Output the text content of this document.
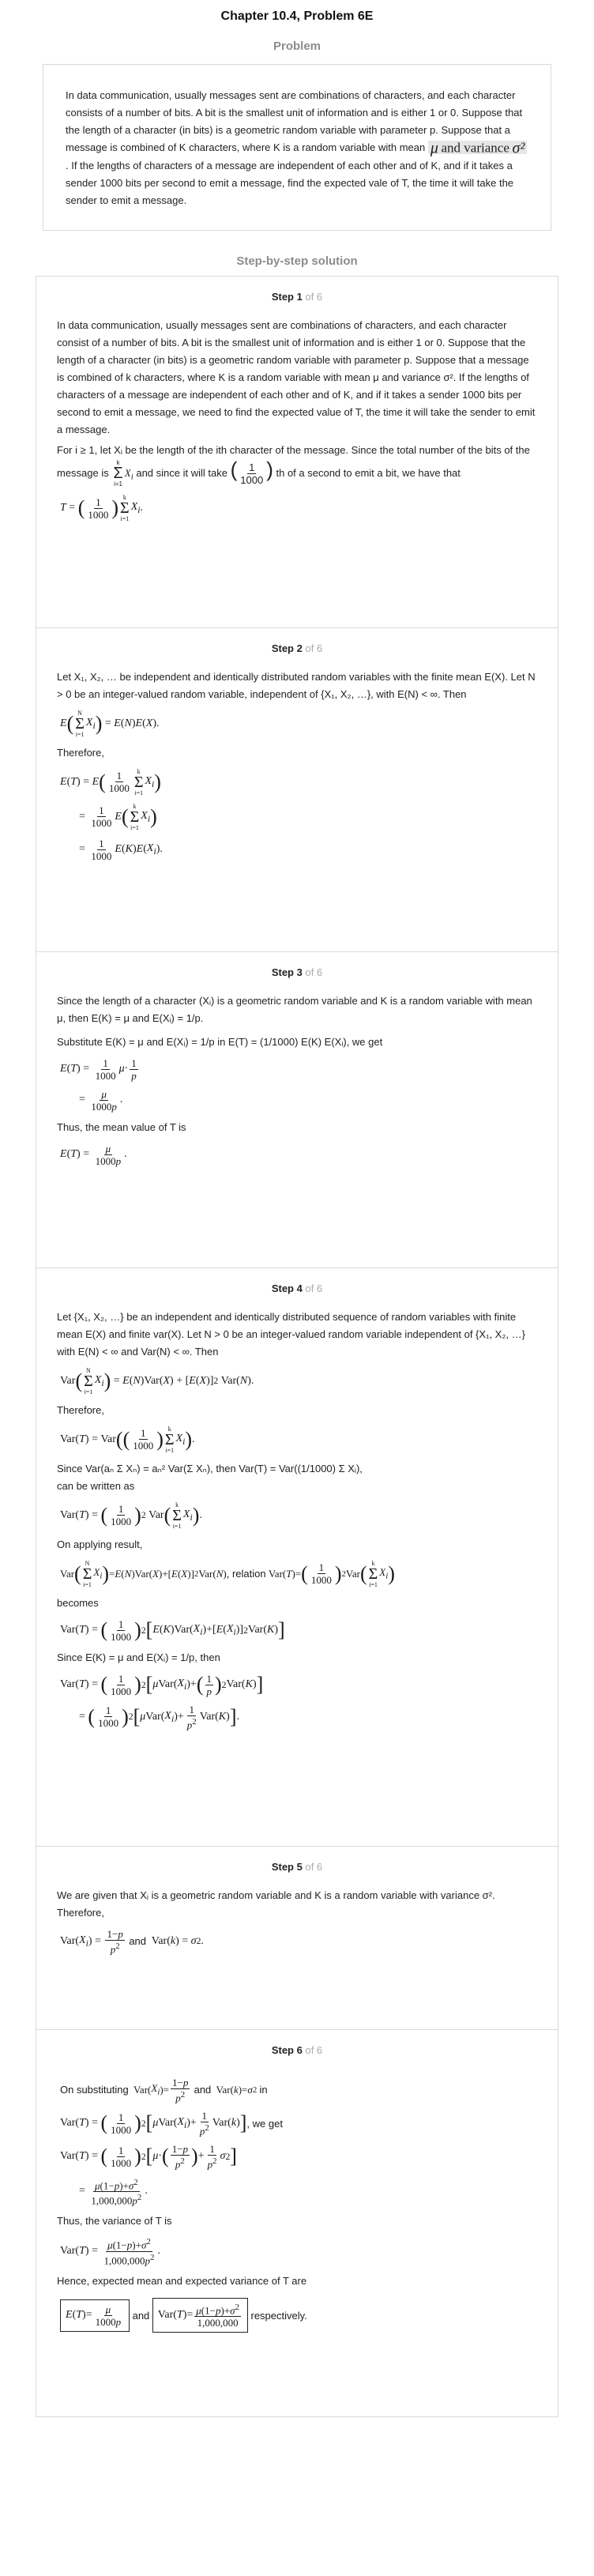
Chapter 10.4, Problem 6E
Problem
In data communication, usually messages sent are combinations of characters, and each character consists of a number of bits. A bit is the smallest unit of information and is either 1 or 0. Suppose that the length of a character (in bits) is a geometric random variable with parameter p. Suppose that a message is combined of K characters, where K is a random variable with mean μ and variance σ² . If the lengths of characters of a message are independent of each other and of K, and if it takes a sender 1000 bits per second to emit a message, find the expected vale of T, the time it will take the sender to emit a message.
Step-by-step solution
Step 1 of 6
In data communication, usually messages sent are combinations of characters, and each character consist of a number of bits. A bit is the smallest unit of information and is either 1 or 0. Suppose that the length of a character (in bits) is a geometric random variable with parameter p. Suppose that a message is combined of k characters, where K is a random variable with mean μ and variance σ². If the lengths of characters of a message are independent of each other and of K, and if it takes a sender 1000 bits per second to emit a message, we need to find the expected value of T, the time it will take the sender to emit a message.
For i ≥ 1, let Xᵢ be the length of the ith character of the message. Since the total number of the bits of the message is
k
Σ
i=1
$X_i$ and since it will take ( $\frac{1}{1000}$ ) th of a second to emit a bit, we have that
T = ( $\frac{1}{1000}$ ) k
Σ
i=1
$X_i$ .
Step 2 of 6
Let X₁, X₂, … be independent and identically distributed random variables with the finite mean E(X). Let N > 0 be an integer-valued random variable, independent of {X₁, X₂, …}, with E(N) < ∞. Then
E ( N
Σ
i=1
$X_i$ ) = E ( N ) E ( X ).
Therefore,
E ( T ) = E ( $\frac{1}{1000}$ k
Σ
i=1
$X_i$ )
= $\frac{1}{1000}$ E ( k
Σ
i=1
$X_i$ )
= $\frac{1}{1000}$ E ( K ) E ( $X_i$ ).
Step 3 of 6
Since the length of a character (Xᵢ) is a geometric random variable and K is a random variable with mean μ, then E(K) = μ and E(Xᵢ) = 1/p.
Substitute E(K) = μ and E(Xᵢ) = 1/p in E(T) = (1/1000) E(K) E(Xᵢ), we get
E ( T ) = $\frac{1}{1000}$ $\mu \cdot \frac{1}{p}$
= $\frac{\mu}{1000p}$ .
Thus, the mean value of T is
E ( T ) = $\frac{\mu}{1000p}$ .
Step 4 of 6
Let {X₁, X₂, …} be an independent and identically distributed sequence of random variables with finite mean E(X) and finite var(X). Let N > 0 be an integer-valued random variable independent of {X₁, X₂, …} with E(N) < ∞ and Var(N) < ∞. Then
Var ( N
Σ
i=1
$X_i$ ) = E ( N )Var( X ) + [ E ( X )] 2 Var( N ).
Therefore,
Var( T ) = Var ( ( $\frac{1}{1000}$ ) k
Σ
i=1
$X_i$ ) .
Since Var(aₙ Σ Xₙ) = aₙ² Var(Σ Xₙ), then Var(T) = Var((1/1000) Σ Xᵢ),
can be written as
Var( T ) = ( $\frac{1}{1000}$ ) 2 Var ( k
Σ
i=1
$X_i$ ) .
On applying result,
Var ( N
Σ
i=1
$X_i$ ) = E ( N )Var( X )+[ E ( X )] 2 Var( N ) , relation Var( T )= ( $\frac{1}{1000}$ ) 2 Var ( k
Σ
i=1
$X_i$ )
becomes
Var( T ) = ( $\frac{1}{1000}$ ) 2 [ E ( K )Var( $X_i$ )+[ E ( $X_i$ )] 2 Var( K ) ]
Since E(K) = μ and E(Xᵢ) = 1/p, then
Var( T ) = ( $\frac{1}{1000}$ ) 2 [ μ Var( $X_i$ )+ ( $\frac{1}{p}$ ) 2 Var( K ) ]
= ( $\frac{1}{1000}$ ) 2 [ μ Var( $X_i$ )+ $\frac{1}{p^2} Var$( K ) ] .
Step 5 of 6
We are given that Xᵢ is a geometric random variable and K is a random variable with variance σ².
Therefore,
Var( $X_i$ ) = $\frac{1-p}{p^2}$
and Var( k ) = σ 2 .
Step 6 of 6
On substituting Var( $X_i$ )= $\frac{1-p}{p^2}$
and Var( k )= σ 2
in
Var( T ) = ( $\frac{1}{1000}$ ) 2 [ μ Var( $X_i$ )+ $\frac{1}{p^2} Var$( k ) ] , we get
Var( T ) = ( $\frac{1}{1000}$ ) 2 [ μ · ( $\frac{1-p}{p^2}$ ) + $\frac{1}{p^2}$ σ 2 ]
= $\frac{\mu(1-p)+\sigma^2}{1,000,000p^2}$ .
Thus, the variance of T is
Var( T ) = $\frac{\mu(1-p)+\sigma^2}{1,000,000p^2}$ .
Hence, expected mean and expected variance of T are
E ( T )= $\frac{\mu}{1000p}$
and
Var( T )= $\frac{\mu(1-p)+\sigma^2}{1,000,000}$
respectively.
